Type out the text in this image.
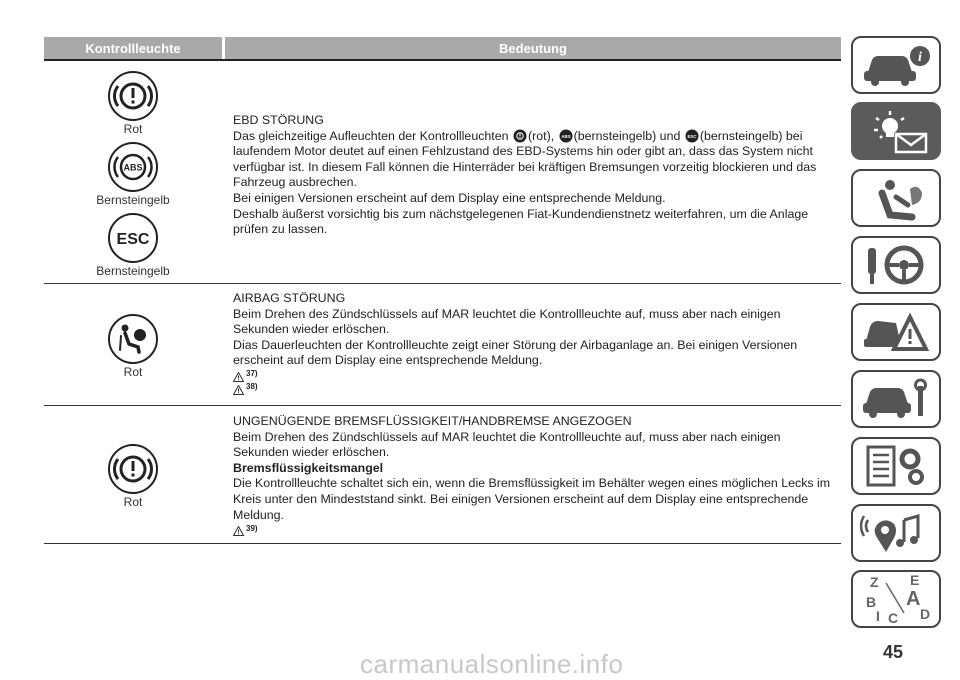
Kontrollleuchte	Bedeutung
Rot
ABS
Bernsteingelb
ESC
Bernsteingelb
EBD STÖRUNG
Das gleichzeitige Aufleuchten der Kontrollleuchten (rot), ABS (bernsteingelb) und ESC (bernsteingelb) bei laufendem Motor deutet auf einen Fehlzustand des EBD-Systems hin oder gibt an, dass das System nicht verfügbar ist. In diesem Fall können die Hinterräder bei kräftigen Bremsungen vorzeitig blockieren und das Fahrzeug ausbrechen.
Bei einigen Versionen erscheint auf dem Display eine entsprechende Meldung.
Deshalb äußerst vorsichtig bis zum nächstgelegenen Fiat-Kundendienstnetz weiterfahren, um die Anlage prüfen zu lassen.
Rot
AIRBAG STÖRUNG
Beim Drehen des Zündschlüssels auf MAR leuchtet die Kontrollleuchte auf, muss aber nach einigen Sekunden wieder erlöschen.
Dias Dauerleuchten der Kontrollleuchte zeigt einer Störung der Airbaganlage an. Bei einigen Versionen erscheint auf dem Display eine entsprechende Meldung.
37)
38)
Rot
UNGENÜGENDE BREMSFLÜSSIGKEIT/HANDBREMSE ANGEZOGEN
Beim Drehen des Zündschlüssels auf MAR leuchtet die Kontrollleuchte auf, muss aber nach einigen Sekunden wieder erlöschen.
Bremsflüssigkeitsmangel
Die Kontrollleuchte schaltet sich ein, wenn die Bremsflüssigkeit im Behälter wegen eines möglichen Lecks im Kreis unter den Mindeststand sinkt. Bei einigen Versionen erscheint auf dem Display eine entsprechende Meldung.
39)
i
Z E
A
B
C D
I
45
carmanualsonline.info
